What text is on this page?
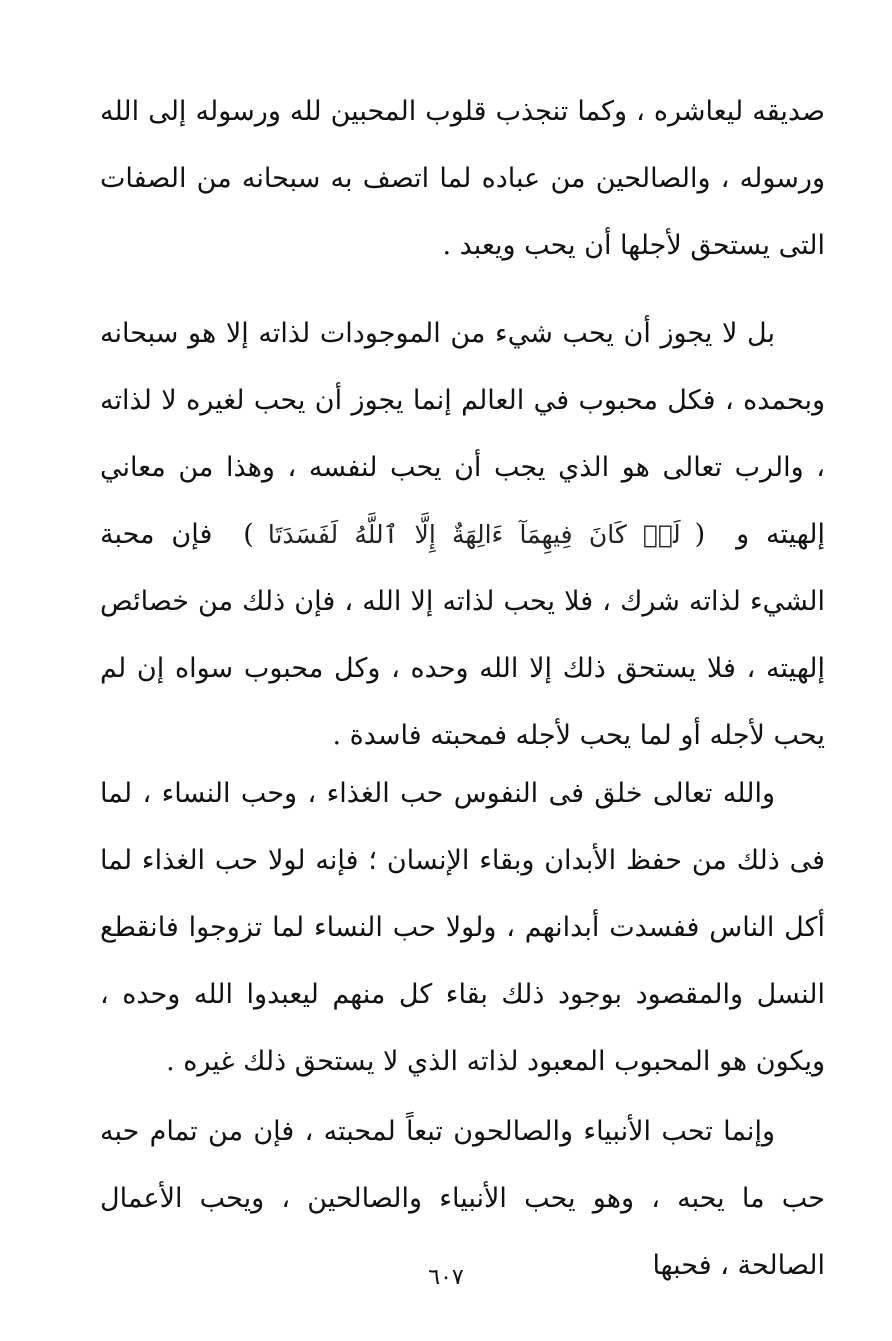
صديقه ليعاشره ، وكما تنجذب قلوب المحبين لله ورسوله إلى الله ورسوله ، والصالحين من عباده لما اتصف به سبحانه من الصفات التى يستحق لأجلها أن يحب ويعبد .

بل لا يجوز أن يحب شيء من الموجودات لذاته إلا هو سبحانه وبحمده ، فكل محبوب في العالم إنما يجوز أن يحب لغيره لا لذاته ، والرب تعالى هو الذي يجب أن يحب لنفسه ، وهذا من معاني إلهيته و (لَوۡ كَانَ فِيهِمَآ ءَالِهَةٌ إِلَّا ٱللَّهُ لَفَسَدَتَا) فإن محبة الشيء لذاته شرك ، فلا يحب لذاته إلا الله ، فإن ذلك من خصائص إلهيته ، فلا يستحق ذلك إلا الله وحده ، وكل محبوب سواه إن لم يحب لأجله أو لما يحب لأجله فمحبته فاسدة .

والله تعالى خلق فى النفوس حب الغذاء ، وحب النساء ، لما فى ذلك من حفظ الأبدان وبقاء الإنسان ؛ فإنه لولا حب الغذاء لما أكل الناس ففسدت أبدانهم ، ولولا حب النساء لما تزوجوا فانقطع النسل والمقصود بوجود ذلك بقاء كل منهم ليعبدوا الله وحده ، ويكون هو المحبوب المعبود لذاته الذي لا يستحق ذلك غيره .

وإنما تحب الأنبياء والصالحون تبعاً لمحبته ، فإن من تمام حبه حب ما يحبه ، وهو يحب الأنبياء والصالحين ، ويحب الأعمال الصالحة ، فحبها

٦٠٧
